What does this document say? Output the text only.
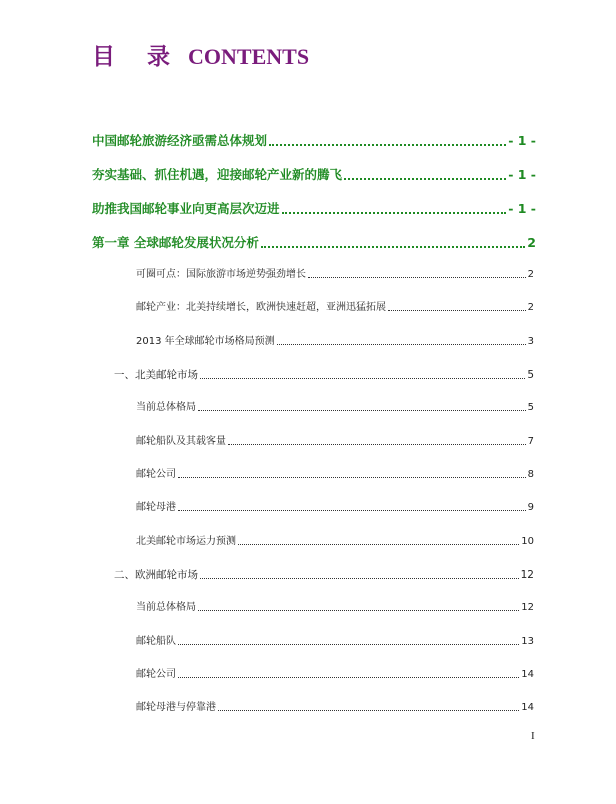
目 录 CONTENTS
中国邮轮旅游经济亟需总体规划	- 1 -
夯实基础、抓住机遇，迎接邮轮产业新的腾飞	- 1 -
助推我国邮轮事业向更高层次迈进	- 1 -
第一章 全球邮轮发展状况分析	2
可圈可点：国际旅游市场逆势强劲增长	2
邮轮产业：北美持续增长，欧洲快速赶超，亚洲迅猛拓展	2
2013 年全球邮轮市场格局预测	3
一、北美邮轮市场	5
当前总体格局	5
邮轮船队及其载客量	7
邮轮公司	8
邮轮母港	9
北美邮轮市场运力预测	10
二、欧洲邮轮市场	12
当前总体格局	12
邮轮船队	13
邮轮公司	14
邮轮母港与停靠港	14
I
